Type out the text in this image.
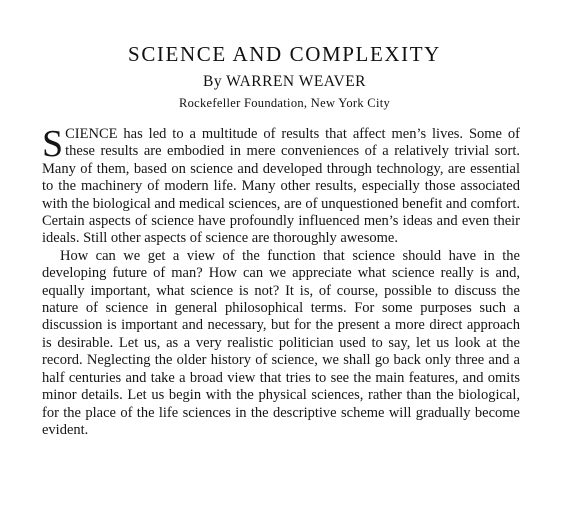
SCIENCE AND COMPLEXITY
By WARREN WEAVER
Rockefeller Foundation, New York City

SCIENCE has led to a multitude of results that affect men’s lives. Some of these results are embodied in mere conveniences of a relatively trivial sort. Many of them, based on science and developed through technology, are essential to the machinery of modern life. Many other results, especially those associated with the biological and medical sciences, are of unquestioned benefit and comfort. Certain aspects of science have profoundly influenced men’s ideas and even their ideals. Still other aspects of science are thoroughly awesome.

How can we get a view of the function that science should have in the developing future of man? How can we appreciate what science really is and, equally important, what science is not? It is, of course, possible to discuss the nature of science in general philosophical terms. For some purposes such a discussion is important and necessary, but for the present a more direct approach is desirable. Let us, as a very realistic politician used to say, let us look at the record. Neglecting the older history of science, we shall go back only three and a half centuries and take a broad view that tries to see the main features, and omits minor details. Let us begin with the physical sciences, rather than the biological, for the place of the life sciences in the descriptive scheme will gradually become evident.
